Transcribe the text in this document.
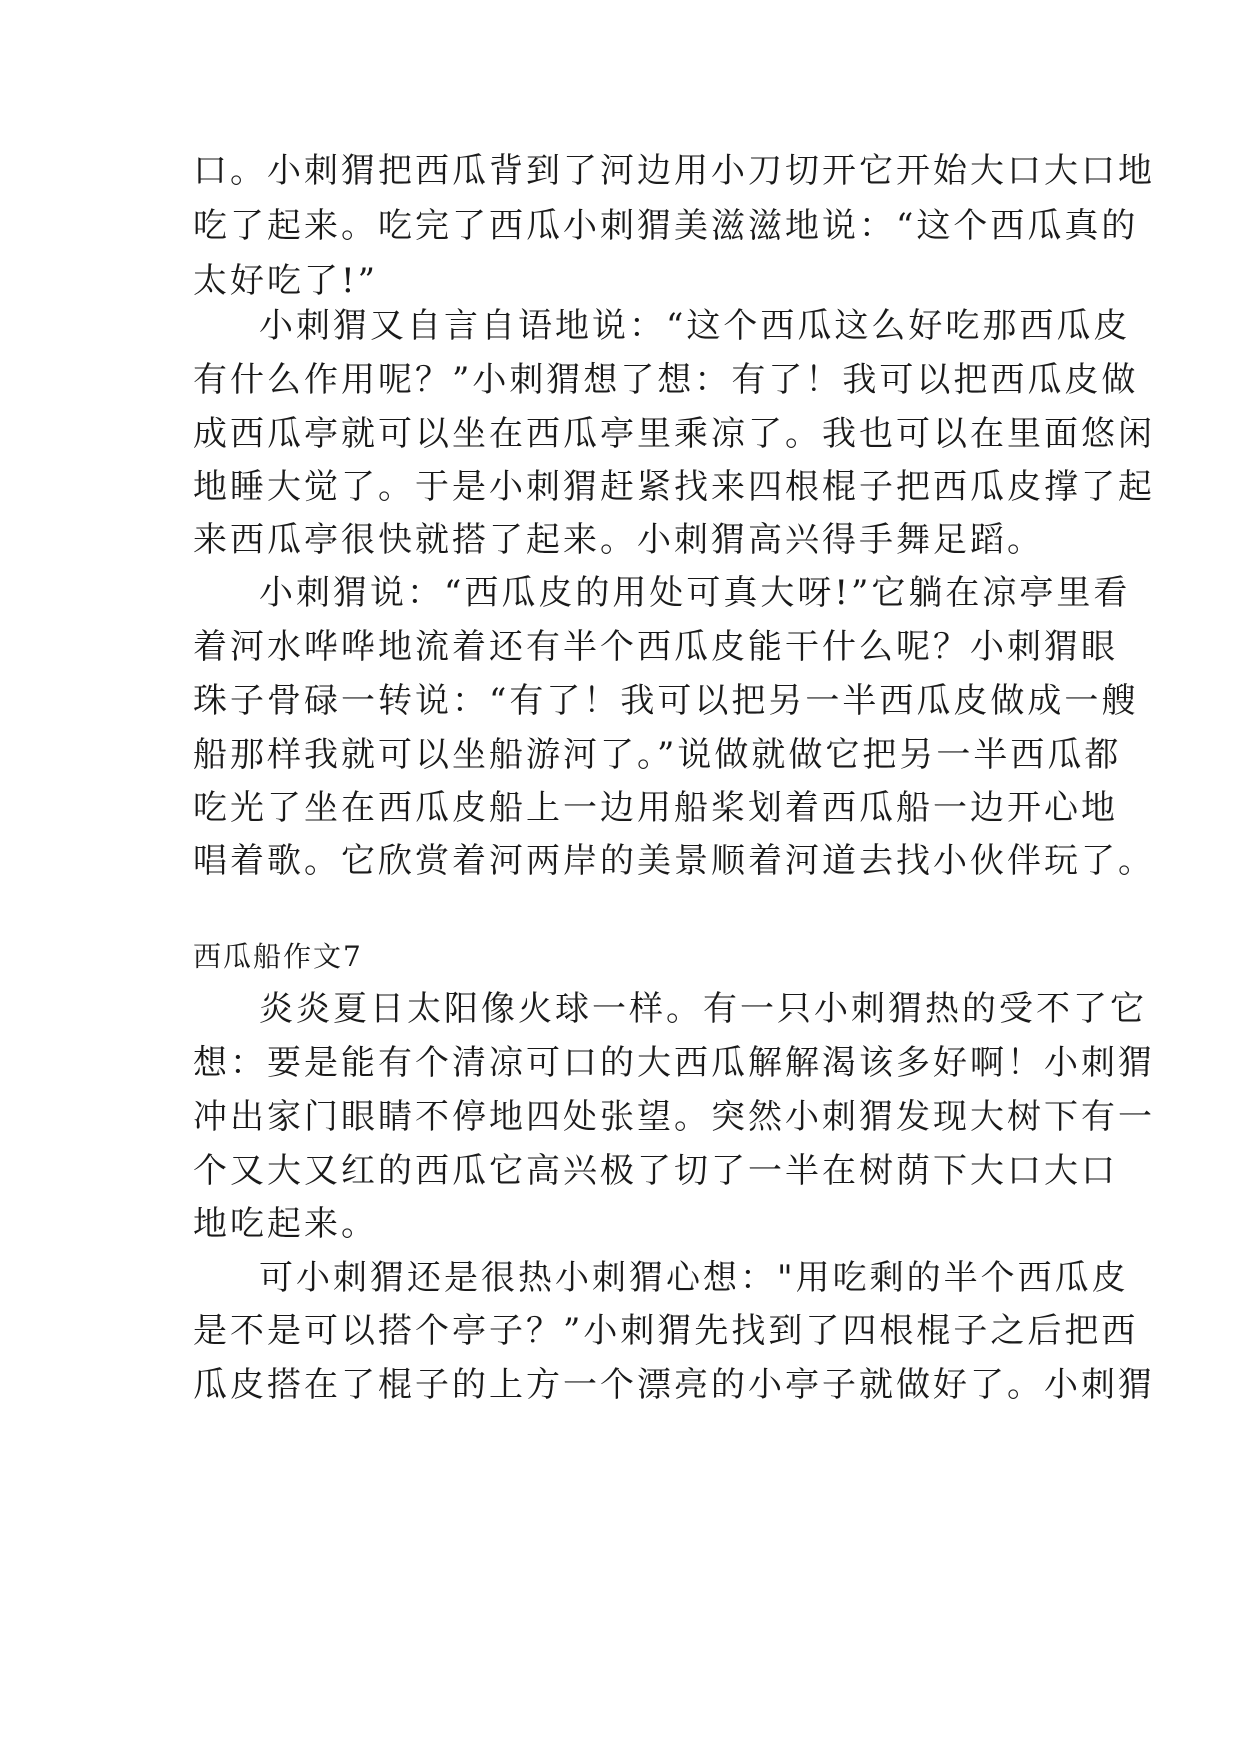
口。小刺猬把西瓜背到了河边用小刀切开它开始大口大口地
吃了起来。吃完了西瓜小刺猬美滋滋地说：“这个西瓜真的
太好吃了!”
小刺猬又自言自语地说：“这个西瓜这么好吃那西瓜皮
有什么作用呢？”小刺猬想了想：有了！我可以把西瓜皮做
成西瓜亭就可以坐在西瓜亭里乘凉了。我也可以在里面悠闲
地睡大觉了。于是小刺猬赶紧找来四根棍子把西瓜皮撑了起
来西瓜亭很快就搭了起来。小刺猬高兴得手舞足蹈。
小刺猬说：“西瓜皮的用处可真大呀!”它躺在凉亭里看
着河水哗哗地流着还有半个西瓜皮能干什么呢？小刺猬眼
珠子骨碌一转说：“有了！我可以把另一半西瓜皮做成一艘
船那样我就可以坐船游河了。”说做就做它把另一半西瓜都
吃光了坐在西瓜皮船上一边用船桨划着西瓜船一边开心地
唱着歌。它欣赏着河两岸的美景顺着河道去找小伙伴玩了。
西瓜船作文7
炎炎夏日太阳像火球一样。有一只小刺猬热的受不了它
想：要是能有个清凉可口的大西瓜解解渴该多好啊！小刺猬
冲出家门眼睛不停地四处张望。突然小刺猬发现大树下有一
个又大又红的西瓜它高兴极了切了一半在树荫下大口大口
地吃起来。
可小刺猬还是很热小刺猬心想："用吃剩的半个西瓜皮
是不是可以搭个亭子？”小刺猬先找到了四根棍子之后把西
瓜皮搭在了棍子的上方一个漂亮的小亭子就做好了。小刺猬
